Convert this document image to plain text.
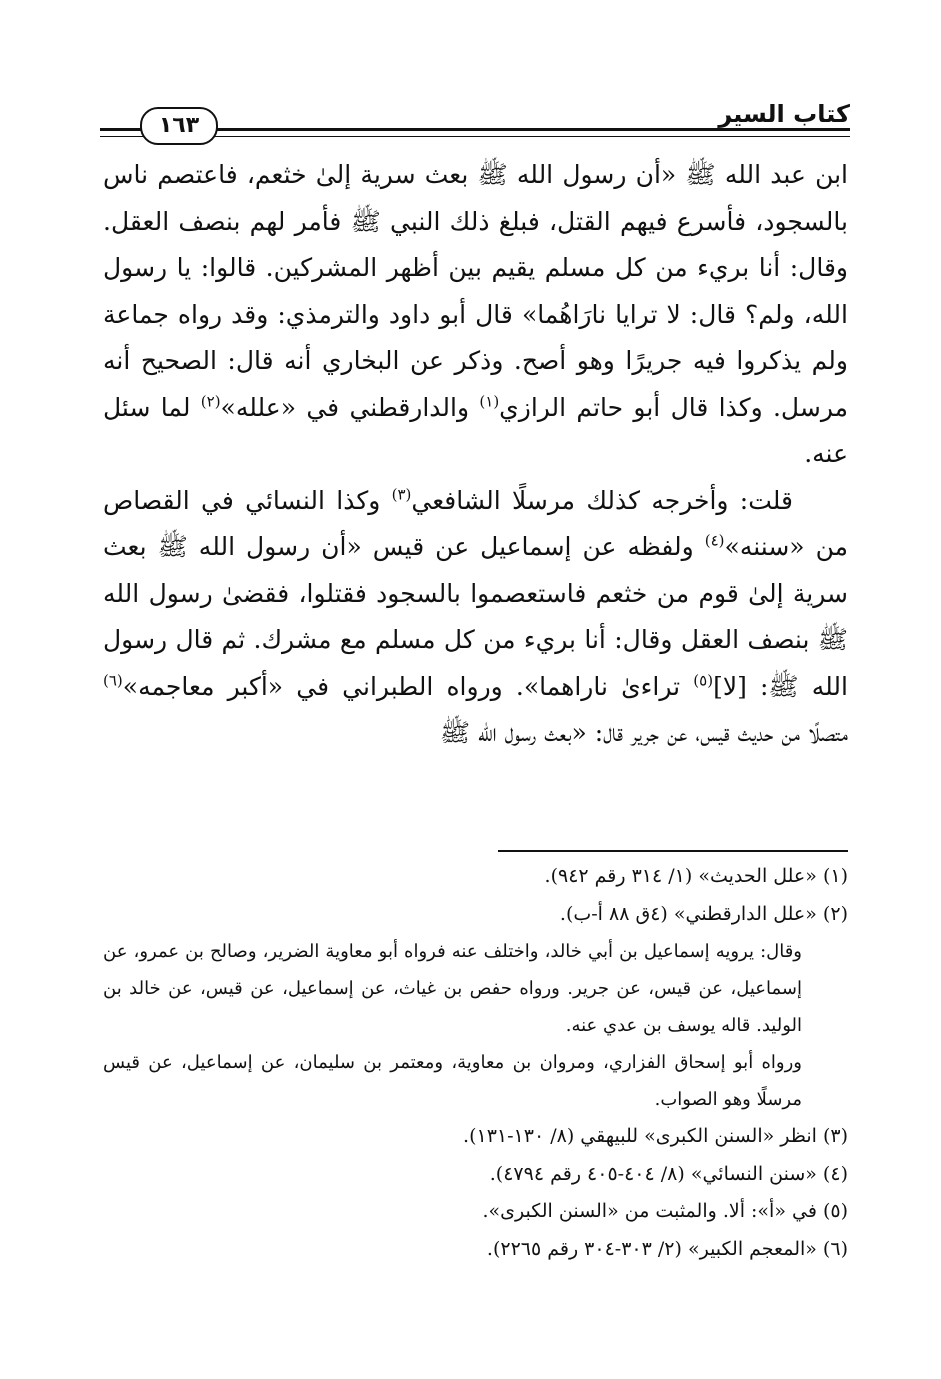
كتاب السير
١٦٣

ابن عبد الله ﷺ «أن رسول الله ﷺ بعث سرية إلىٰ خثعم، فاعتصم ناس بالسجود، فأسرع فيهم القتل، فبلغ ذلك النبي ﷺ فأمر لهم بنصف العقل. وقال: أنا بريء من كل مسلم يقيم بين أظهر المشركين. قالوا: يا رسول الله، ولم؟ قال: لا ترايا نارَاهُما» قال أبو داود والترمذي: وقد رواه جماعة ولم يذكروا فيه جريرًا وهو أصح. وذكر عن البخاري أنه قال: الصحيح أنه مرسل. وكذا قال أبو حاتم الرازي$^{(١)}$ والدارقطني في «علله»$^{(٢)}$ لما سئل عنه.

قلت: وأخرجه كذلك مرسلًا الشافعي$^{(٣)}$ وكذا النسائي في القصاص من «سننه»$^{(٤)}$ ولفظه عن إسماعيل عن قيس «أن رسول الله ﷺ بعث سرية إلىٰ قوم من خثعم فاستعصموا بالسجود فقتلوا، فقضىٰ رسول الله ﷺ بنصف العقل وقال: أنا بريء من كل مسلم مع مشرك. ثم قال رسول الله ﷺ: [لا]$^{(٥)}$ تراءىٰ ناراهما». ورواه الطبراني في «أكبر معاجمه»$^{(٦)}$ متصلًا من حديث قيس، عن جرير قال: «بعث رسول الله ﷺ

(١) «علل الحديث» (١/ ٣١٤ رقم ٩٤٢).

(٢) «علل الدارقطني» (٤ق ٨٨ أ-ب).

وقال: يرويه إسماعيل بن أبي خالد، واختلف عنه فرواه أبو معاوية الضرير، وصالح بن عمرو، عن إسماعيل، عن قيس، عن جرير. ورواه حفص بن غياث، عن إسماعيل، عن قيس، عن خالد بن الوليد. قاله يوسف بن عدي عنه.

ورواه أبو إسحاق الفزاري، ومروان بن معاوية، ومعتمر بن سليمان، عن إسماعيل، عن قيس مرسلًا وهو الصواب.

(٣) انظر «السنن الكبرى» للبيهقي (٨/ ١٣٠-١٣١).

(٤) «سنن النسائي» (٨/ ٤٠٤-٤٠٥ رقم ٤٧٩٤).

(٥) في «أ»: ألا. والمثبت من «السنن الكبرى».

(٦) «المعجم الكبير» (٢/ ٣٠٣-٣٠٤ رقم ٢٢٦٥).
